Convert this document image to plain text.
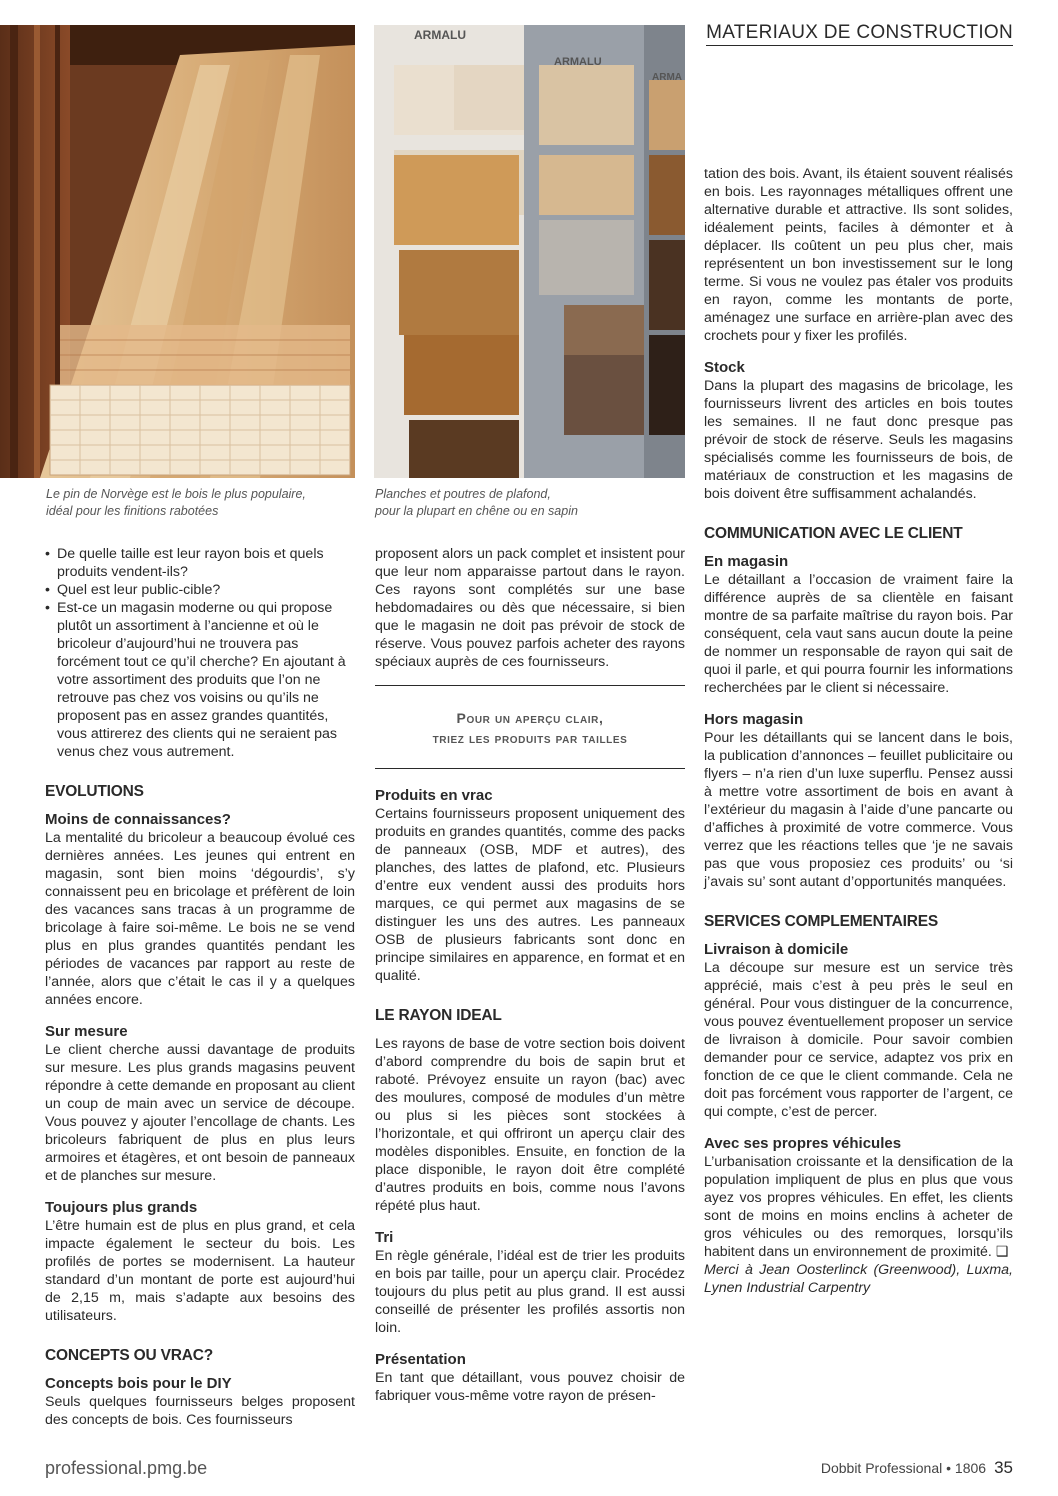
MATERIAUX DE CONSTRUCTION
Le pin de Norvège est le bois le plus populaire,
idéal pour les finitions rabotées
ARMALU
ARMALU
ARMA
Planches et poutres de plafond,
pour la plupart en chêne ou en sapin
• De quelle taille est leur rayon bois et quels produits vendent-ils?
• Quel est leur public-cible?
• Est-ce un magasin moderne ou qui propose plutôt un assortiment à l’ancienne et où le bricoleur d’aujourd’hui ne trouvera pas forcément tout ce qu’il cherche? En ajoutant à votre assortiment des produits que l’on ne retrouve pas chez vos voisins ou qu’ils ne proposent pas en assez grandes quantités, vous attirerez des clients qui ne seraient pas venus chez vous autrement.
EVOLUTIONS
Moins de connaissances?

La mentalité du bricoleur a beaucoup évolué ces dernières années. Les jeunes qui entrent en magasin, sont bien moins ‘dégourdis’, s’y connaissent peu en bricolage et préfèrent de loin des vacances sans tracas à un programme de bricolage à faire soi-même. Le bois ne se vend plus en plus grandes quantités pendant les périodes de vacances par rapport au reste de l’année, alors que c’était le cas il y a quelques années encore.

Sur mesure

Le client cherche aussi davantage de produits sur mesure. Les plus grands magasins peuvent répondre à cette demande en proposant au client un coup de main avec un service de découpe. Vous pouvez y ajouter l’encollage de chants. Les bricoleurs fabriquent de plus en plus leurs armoires et étagères, et ont besoin de panneaux et de planches sur mesure.

Toujours plus grands

L’être humain est de plus en plus grand, et cela impacte également le secteur du bois. Les profilés de portes se modernisent. La hauteur standard d’un montant de porte est aujourd’hui de 2,15 m, mais s’adapte aux besoins des utilisateurs.

CONCEPTS OU VRAC?
Concepts bois pour le DIY

Seuls quelques fournisseurs belges proposent des concepts de bois. Ces fournisseurs

proposent alors un pack complet et insistent pour que leur nom apparaisse partout dans le rayon. Ces rayons sont complétés sur une base hebdomadaires ou dès que nécessaire, si bien que le magasin ne doit pas prévoir de stock de réserve. Vous pouvez parfois acheter des rayons spéciaux auprès de ces fournisseurs.

Pour un aperçu clair,
triez les produits par tailles
Produits en vrac

Certains fournisseurs proposent uniquement des produits en grandes quantités, comme des packs de panneaux (OSB, MDF et autres), des planches, des lattes de plafond, etc. Plusieurs d’entre eux vendent aussi des produits hors marques, ce qui permet aux magasins de se distinguer les uns des autres. Les panneaux OSB de plusieurs fabricants sont donc en principe similaires en apparence, en format et en qualité.

LE RAYON IDEAL

Les rayons de base de votre section bois doivent d’abord comprendre du bois de sapin brut et raboté. Prévoyez ensuite un rayon (bac) avec des moulures, composé de modules d’un mètre ou plus si les pièces sont stockées à l’horizontale, et qui offriront un aperçu clair des modèles disponibles. Ensuite, en fonction de la place disponible, le rayon doit être complété d’autres produits en bois, comme nous l’avons répété plus haut.

Tri

En règle générale, l’idéal est de trier les produits en bois par taille, pour un aperçu clair. Procédez toujours du plus petit au plus grand. Il est aussi conseillé de présenter les profilés assortis non loin.

Présentation

En tant que détaillant, vous pouvez choisir de fabriquer vous-même votre rayon de présen-

tation des bois. Avant, ils étaient souvent réalisés en bois. Les rayonnages métalliques offrent une alternative durable et attractive. Ils sont solides, idéalement peints, faciles à démonter et à déplacer. Ils coûtent un peu plus cher, mais représentent un bon investissement sur le long terme. Si vous ne voulez pas étaler vos produits en rayon, comme les montants de porte, aménagez une surface en arrière-plan avec des crochets pour y fixer les profilés.

Stock

Dans la plupart des magasins de bricolage, les fournisseurs livrent des articles en bois toutes les semaines. Il ne faut donc presque pas prévoir de stock de réserve. Seuls les magasins spécialisés comme les fournisseurs de bois, de matériaux de construction et les magasins de bois doivent être suffisamment achalandés.

COMMUNICATION AVEC LE CLIENT
En magasin

Le détaillant a l’occasion de vraiment faire la différence auprès de sa clientèle en faisant montre de sa parfaite maîtrise du rayon bois. Par conséquent, cela vaut sans aucun doute la peine de nommer un responsable de rayon qui sait de quoi il parle, et qui pourra fournir les informations recherchées par le client si nécessaire.

Hors magasin

Pour les détaillants qui se lancent dans le bois, la publication d’annonces – feuillet publicitaire ou flyers – n’a rien d’un luxe superflu. Pensez aussi à mettre votre assortiment de bois en avant à l’extérieur du magasin à l’aide d’une pancarte ou d’affiches à proximité de votre commerce. Vous verrez que les réactions telles que ‘je ne savais pas que vous proposiez ces produits’ ou ‘si j’avais su’ sont autant d’opportunités manquées.

SERVICES COMPLEMENTAIRES
Livraison à domicile

La découpe sur mesure est un service très apprécié, mais c’est à peu près le seul en général. Pour vous distinguer de la concurrence, vous pouvez éventuellement proposer un service de livraison à domicile. Pour savoir combien demander pour ce service, adaptez vos prix en fonction de ce que le client commande. Cela ne doit pas forcément vous rapporter de l’argent, ce qui compte, c’est de percer.

Avec ses propres véhicules

L’urbanisation croissante et la densification de la population impliquent de plus en plus que vous ayez vos propres véhicules. En effet, les clients sont de moins en moins enclins à acheter de gros véhicules ou des remorques, lorsqu’ils habitent dans un environnement de proximité. ❑

Merci à Jean Oosterlinck (Greenwood), Luxma, Lynen Industrial Carpentry

professional.pmg.be	Dobbit Professional • 1806 35
